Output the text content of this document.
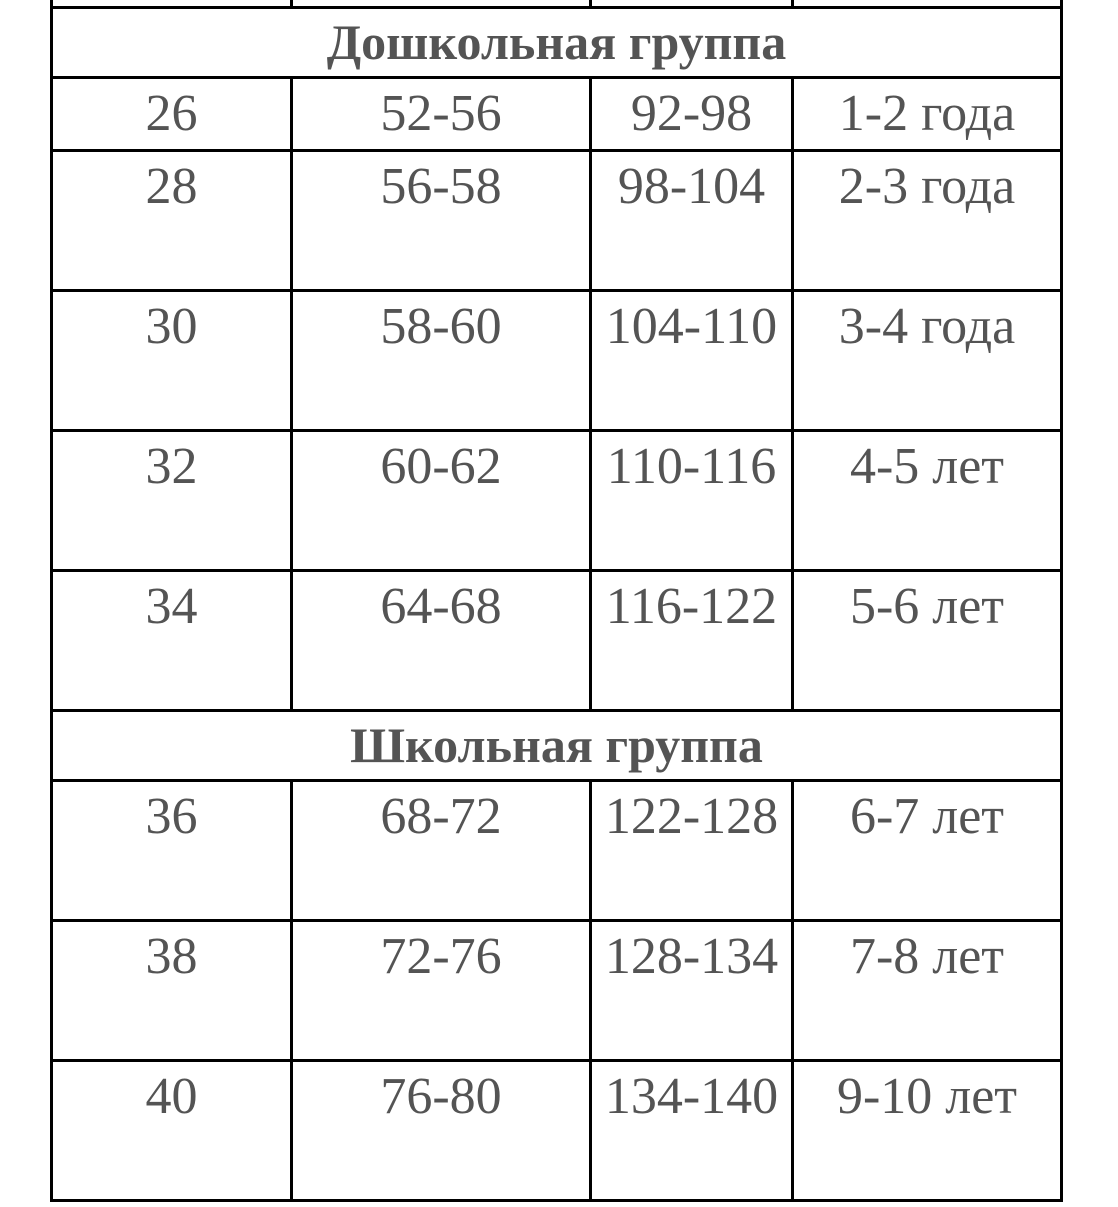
Дошкольная группа			
26	52-56	92-98	1-2 года
28	56-58	98-104	2-3 года
30	58-60	104-110	3-4 года
32	60-62	110-116	4-5 лет
34	64-68	116-122	5-6 лет
Школьная группа			
36	68-72	122-128	6-7 лет
38	72-76	128-134	7-8 лет
40	76-80	134-140	9-10 лет
